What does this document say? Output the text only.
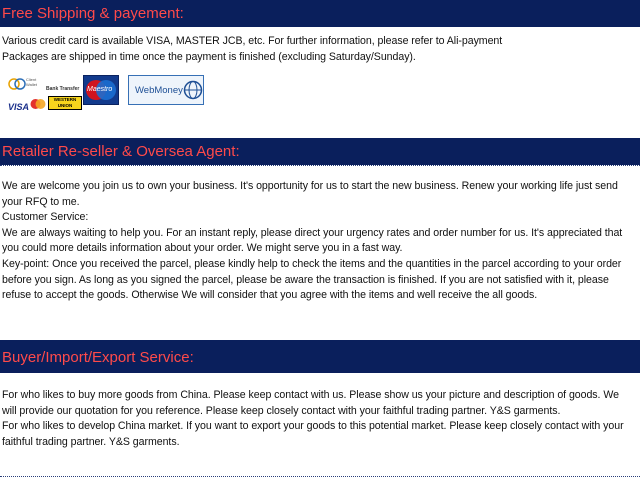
Free Shipping & payement:

Various credit card is available VISA, MASTER JCB, etc. For further information, please refer to Ali-payment

Packages are shipped in time once the payment is finished (excluding Saturday/Sunday).

Client Wallet
Bank Transfer
VISA
WESTERN UNION
Maestro WebMoney
Retailer Re-seller & Oversea Agent:

We are welcome you join us to own your business. It's opportunity for us to start the new business. Renew your working life just send your RFQ to me.

Customer Service:

We are always waiting to help you. For an instant reply, please direct your urgency rates and order number for us. It's appreciated that you could more details information about your order. We might serve you in a fast way.

Key-point: Once you received the parcel, please kindly help to check the items and the quantities in the parcel according to your order before you sign. As long as you signed the parcel, please be aware the transaction is finished. If you are not satisfied with it, please refuse to accept the goods. Otherwise We will consider that you agree with the items and well receive the all goods.

Buyer/Import/Export Service:

For who likes to buy more goods from China. Please keep contact with us. Please show us your picture and description of goods. We will provide our quotation for you reference. Please keep closely contact with your faithful trading partner. Y&S garments.

For who likes to develop China market. If you want to export your goods to this potential market. Please keep closely contact with your faithful trading partner. Y&S garments.
